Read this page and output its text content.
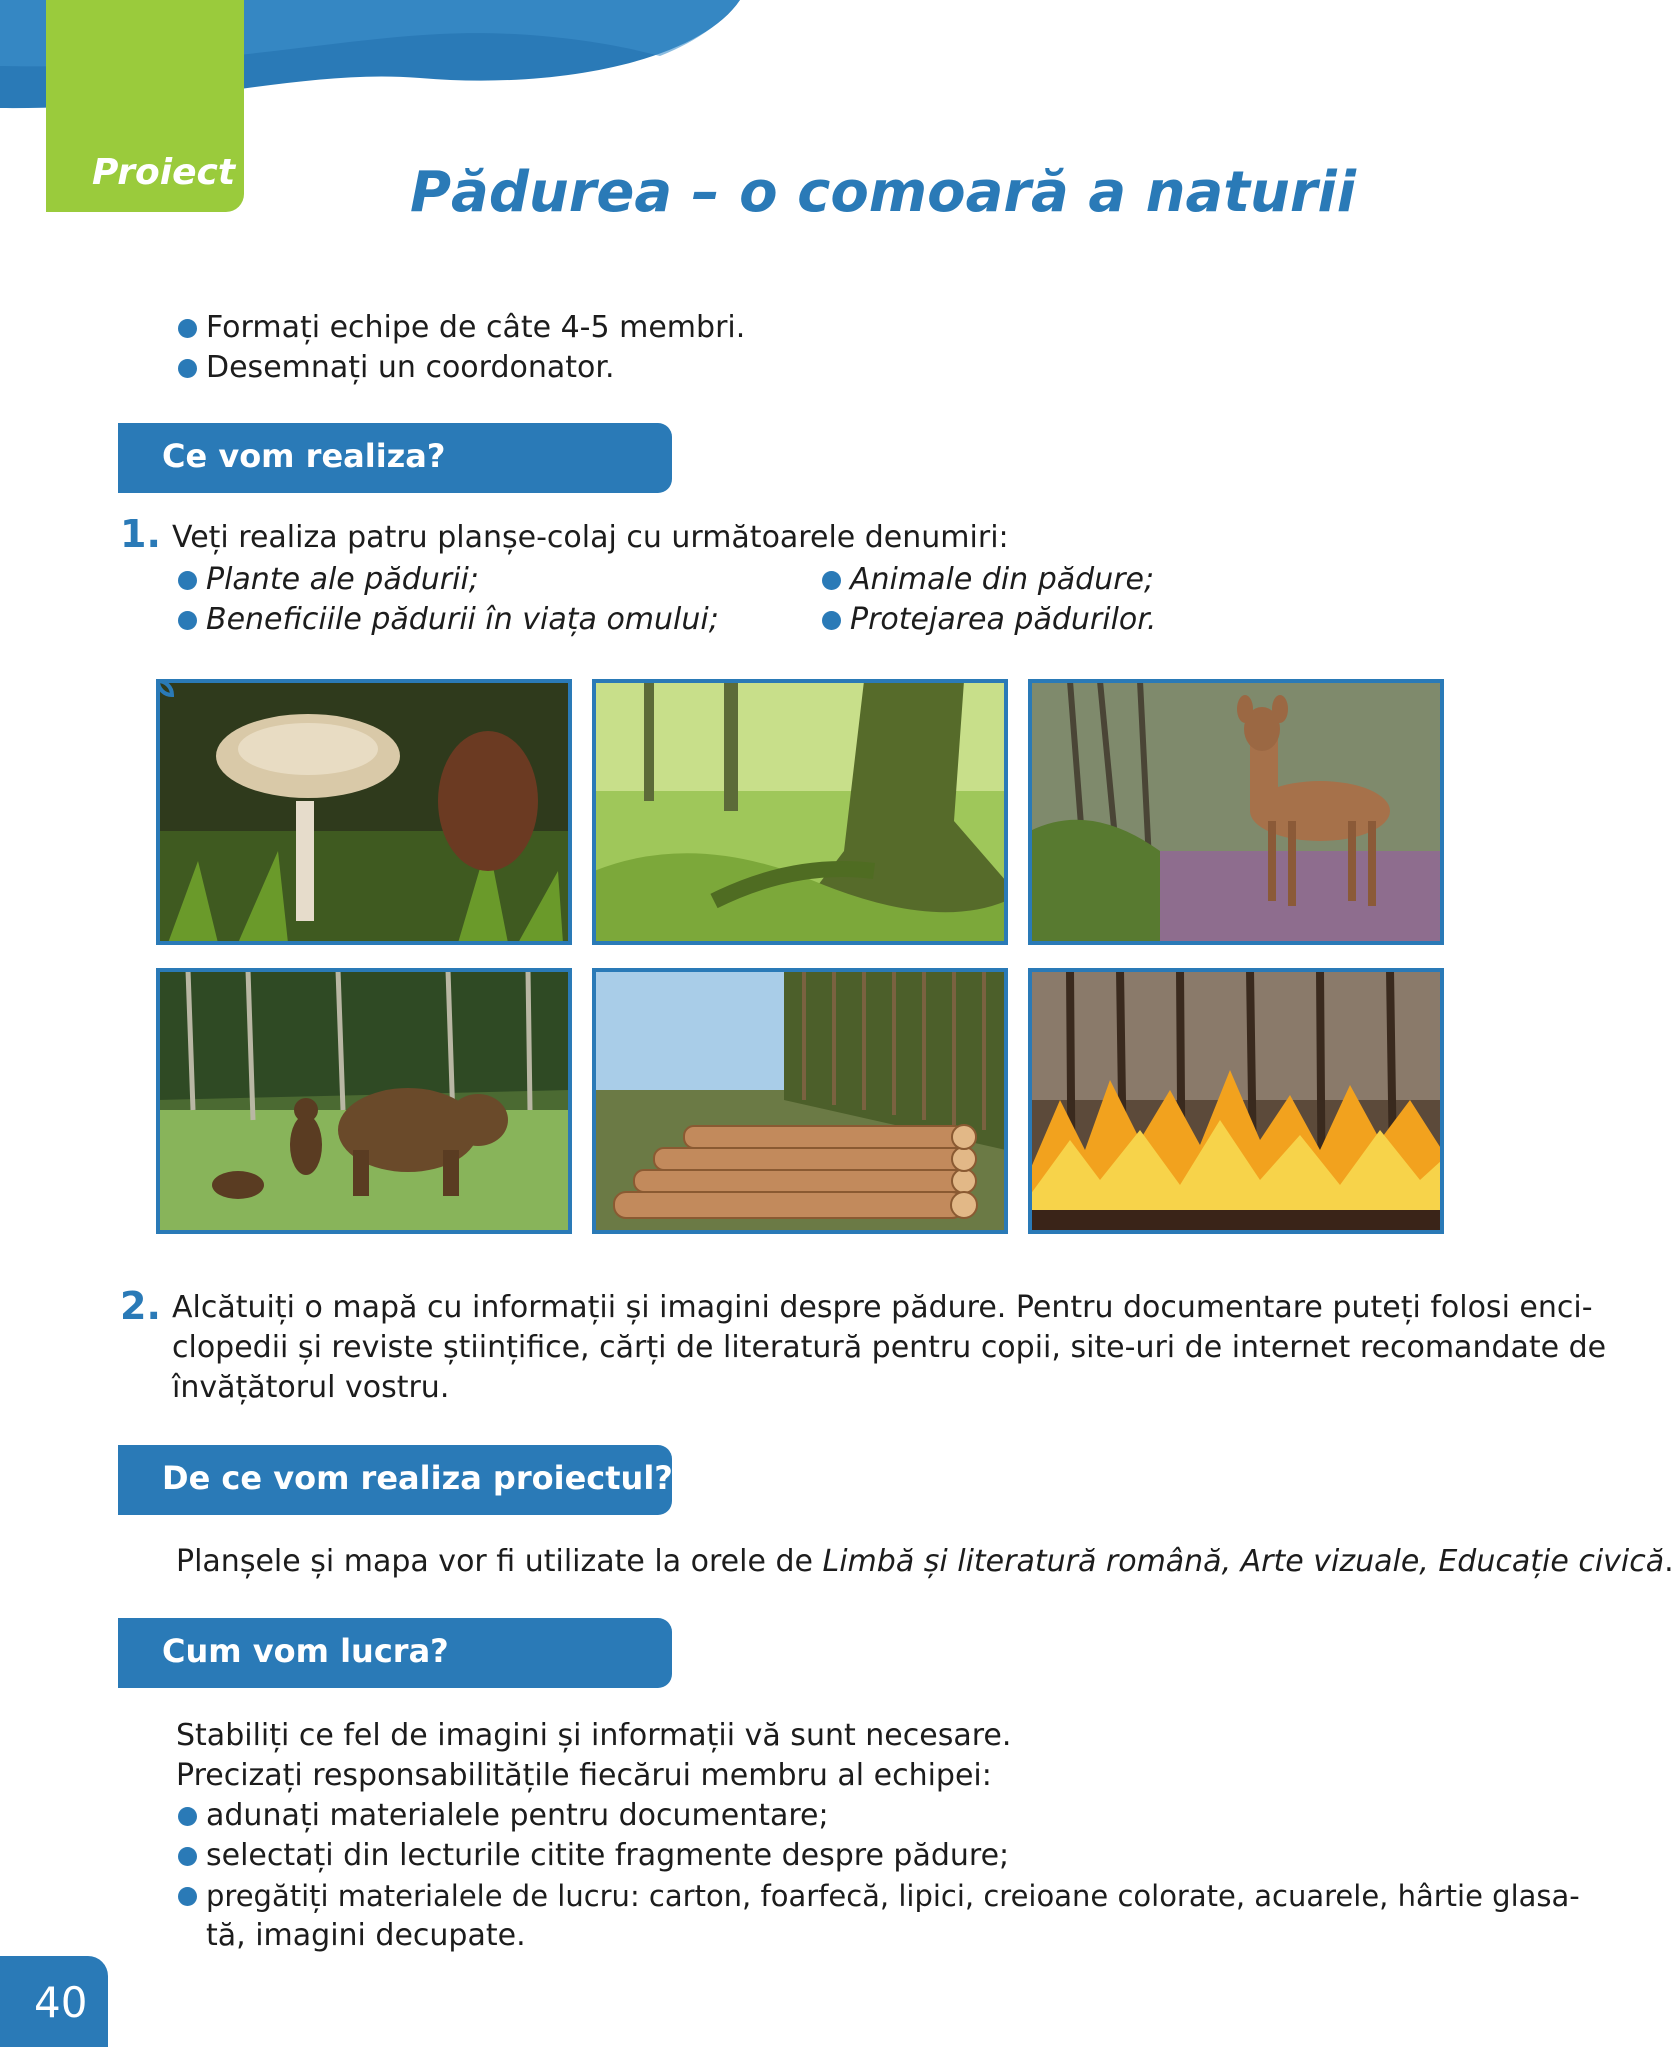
Proiect	Pădurea – o comoară a naturii
Formați echipe de câte 4-5 membri.
Desemnați un coordonator.
Ce vom realiza?
1. Veți realiza patru planșe-colaj cu următoarele denumiri:
Plante ale pădurii;
Beneficiile pădurii în viața omului;
Animale din pădure;
Protejarea pădurilor.
2. Alcătuiți o mapă cu informații și imagini despre pădure. Pentru documentare puteți folosi enci-
clopedii și reviste științifice, cărți de literatură pentru copii, site-uri de internet recomandate de
învățătorul vostru.
De ce vom realiza proiectul?
Planșele și mapa vor fi utilizate la orele de Limbă și literatură română, Arte vizuale, Educație civică.
Cum vom lucra?
Stabiliți ce fel de imagini și informații vă sunt necesare.
Precizați responsabilitățile fiecărui membru al echipei:
adunați materialele pentru documentare;
selectați din lecturile citite fragmente despre pădure;
pregătiți materialele de lucru: carton, foarfecă, lipici, creioane colorate, acuarele, hârtie glasa-
tă, imagini decupate.
40
